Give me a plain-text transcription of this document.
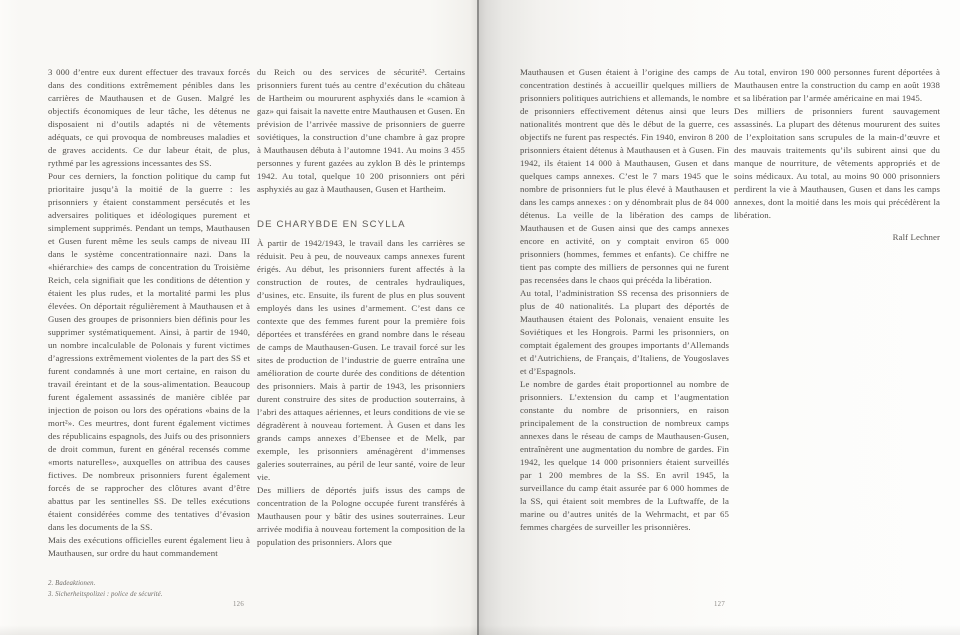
3 000 d’entre eux durent effectuer des travaux forcés dans des conditions extrêmement pénibles dans les carrières de Mauthausen et de Gusen. Malgré les objectifs économiques de leur tâche, les détenus ne disposaient ni d’outils adaptés ni de vêtements adéquats, ce qui provoqua de nombreuses maladies et de graves accidents. Ce dur labeur était, de plus, rythmé par les agressions incessantes des SS.

Pour ces derniers, la fonction politique du camp fut prioritaire jusqu’à la moitié de la guerre : les prisonniers y étaient constamment persécutés et les adversaires politiques et idéologiques purement et simplement supprimés. Pendant un temps, Mauthausen et Gusen furent même les seuls camps de niveau III dans le système concentrationnaire nazi. Dans la «hiérarchie» des camps de concentration du Troisième Reich, cela signifiait que les conditions de détention y étaient les plus rudes, et la mortalité parmi les plus élevées. On déportait régulièrement à Mauthausen et à Gusen des groupes de prisonniers bien définis pour les supprimer systématiquement. Ainsi, à partir de 1940, un nombre incalculable de Polonais y furent victimes d’agressions extrêmement violentes de la part des SS et furent condamnés à une mort certaine, en raison du travail éreintant et de la sous-alimentation. Beaucoup furent également assassinés de manière ciblée par injection de poison ou lors des opérations «bains de la mort²». Ces meurtres, dont furent également victimes des républicains espagnols, des Juifs ou des prisonniers de droit commun, furent en général recensés comme «morts naturelles», auxquelles on attribua des causes fictives. De nombreux prisonniers furent également forcés de se rapprocher des clôtures avant d’être abattus par les sentinelles SS. De telles exécutions étaient considérées comme des tentatives d’évasion dans les documents de la SS.

Mais des exécutions officielles eurent également lieu à Mauthausen, sur ordre du haut commandement

du Reich ou des services de sécurité³. Certains prisonniers furent tués au centre d’exécution du château de Hartheim ou moururent asphyxiés dans le «camion à gaz» qui faisait la navette entre Mauthausen et Gusen. En prévision de l’arrivée massive de prisonniers de guerre soviétiques, la construction d’une chambre à gaz propre à Mauthausen débuta à l’automne 1941. Au moins 3 455 personnes y furent gazées au zyklon B dès le printemps 1942. Au total, quelque 10 200 prisonniers ont péri asphyxiés au gaz à Mauthausen, Gusen et Hartheim.

DE CHARYBDE EN SCYLLA

À partir de 1942/1943, le travail dans les carrières se réduisit. Peu à peu, de nouveaux camps annexes furent érigés. Au début, les prisonniers furent affectés à la construction de routes, de centrales hydrauliques, d’usines, etc. Ensuite, ils furent de plus en plus souvent employés dans les usines d’armement. C’est dans ce contexte que des femmes furent pour la première fois déportées et transférées en grand nombre dans le réseau de camps de Mauthausen-Gusen. Le travail forcé sur les sites de production de l’industrie de guerre entraîna une amélioration de courte durée des conditions de détention des prisonniers. Mais à partir de 1943, les prisonniers durent construire des sites de production souterrains, à l’abri des attaques aériennes, et leurs conditions de vie se dégradèrent à nouveau fortement. À Gusen et dans les grands camps annexes d’Ebensee et de Melk, par exemple, les prisonniers aménagèrent d’immenses galeries souterraines, au péril de leur santé, voire de leur vie.

Des milliers de déportés juifs issus des camps de concentration de la Pologne occupée furent transférés à Mauthausen pour y bâtir des usines souterraines. Leur arrivée modifia à nouveau fortement la composition de la population des prisonniers. Alors que

Mauthausen et Gusen étaient à l’origine des camps de concentration destinés à accueillir quelques milliers de prisonniers politiques autrichiens et allemands, le nombre de prisonniers effectivement détenus ainsi que leurs nationalités montrent que dès le début de la guerre, ces objectifs ne furent pas respectés. Fin 1940, environ 8 200 prisonniers étaient détenus à Mauthausen et à Gusen. Fin 1942, ils étaient 14 000 à Mauthausen, Gusen et dans quelques camps annexes. C’est le 7 mars 1945 que le nombre de prisonniers fut le plus élevé à Mauthausen et dans les camps annexes : on y dénombrait plus de 84 000 détenus. La veille de la libération des camps de Mauthausen et de Gusen ainsi que des camps annexes encore en activité, on y comptait environ 65 000 prisonniers (hommes, femmes et enfants). Ce chiffre ne tient pas compte des milliers de personnes qui ne furent pas recensées dans le chaos qui précéda la libération.

Au total, l’administration SS recensa des prisonniers de plus de 40 nationalités. La plupart des déportés de Mauthausen étaient des Polonais, venaient ensuite les Soviétiques et les Hongrois. Parmi les prisonniers, on comptait également des groupes importants d’Allemands et d’Autrichiens, de Français, d’Italiens, de Yougoslaves et d’Espagnols.

Le nombre de gardes était proportionnel au nombre de prisonniers. L’extension du camp et l’augmentation constante du nombre de prisonniers, en raison principalement de la construction de nombreux camps annexes dans le réseau de camps de Mauthausen-Gusen, entraînèrent une augmentation du nombre de gardes. Fin 1942, les quelque 14 000 prisonniers étaient surveillés par 1 200 membres de la SS. En avril 1945, la surveillance du camp était assurée par 6 000 hommes de la SS, qui étaient soit membres de la Luftwaffe, de la marine ou d’autres unités de la Wehrmacht, et par 65 femmes chargées de surveiller les prisonnières.

Au total, environ 190 000 personnes furent déportées à Mauthausen entre la construction du camp en août 1938 et sa libération par l’armée américaine en mai 1945.

Des milliers de prisonniers furent sauvagement assassinés. La plupart des détenus moururent des suites de l’exploitation sans scrupules de la main-d’œuvre et des mauvais traitements qu’ils subirent ainsi que du manque de nourriture, de vêtements appropriés et de soins médicaux. Au total, au moins 90 000 prisonniers perdirent la vie à Mauthausen, Gusen et dans les camps annexes, dont la moitié dans les mois qui précédèrent la libération.

Ralf Lechner

2. Badeaktionen.

3. Sicherheitspolizei : police de sécurité.

126	127
